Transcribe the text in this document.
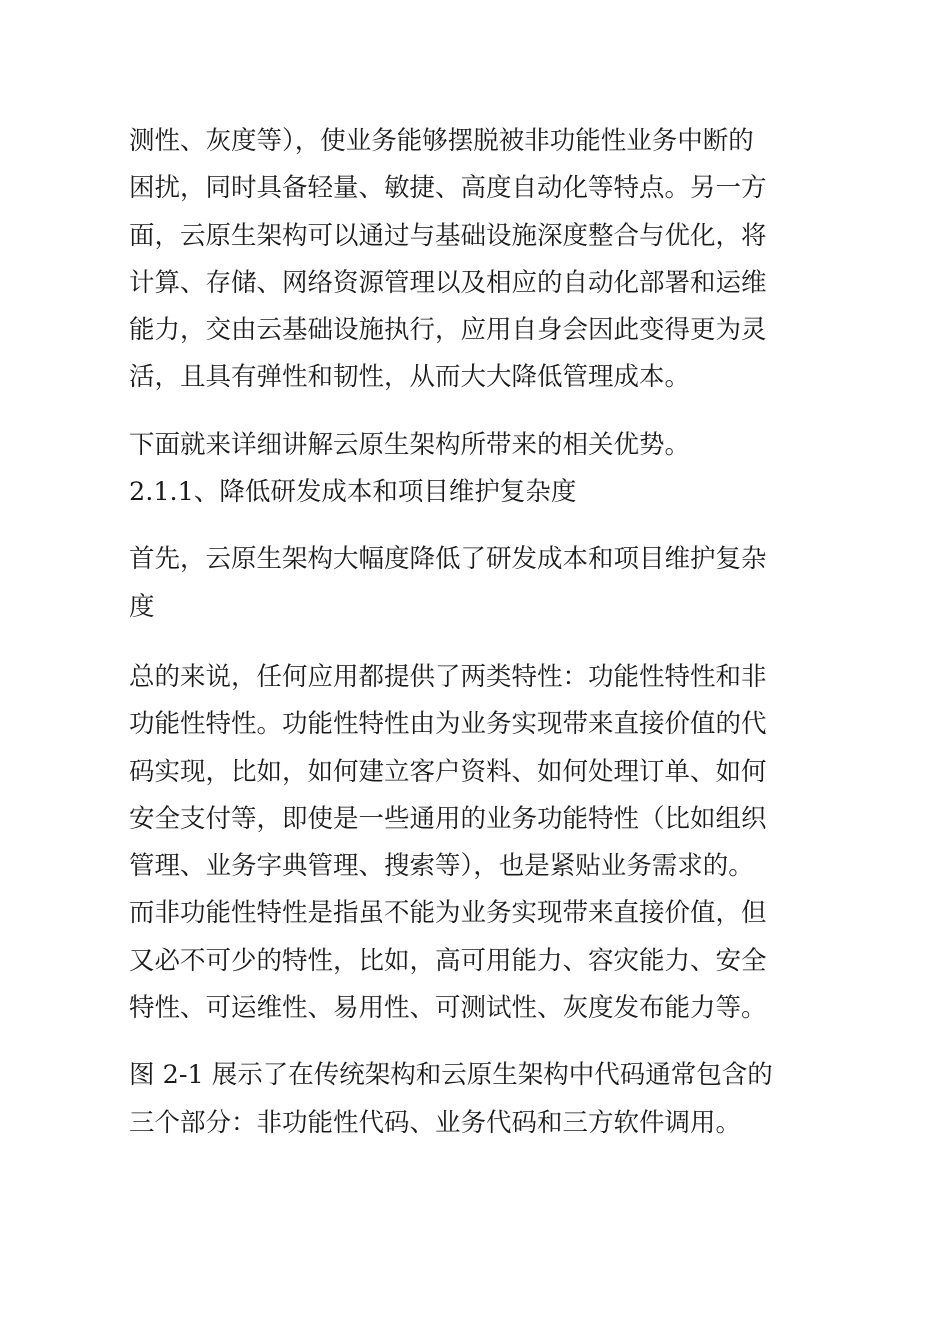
测性、灰度等），使业务能够摆脱被非功能性业务中断的
困扰，同时具备轻量、敏捷、高度自动化等特点。另一方
面，云原生架构可以通过与基础设施深度整合与优化，将
计算、存储、网络资源管理以及相应的自动化部署和运维
能力，交由云基础设施执行，应用自身会因此变得更为灵
活，且具有弹性和韧性，从而大大降低管理成本。

下面就来详细讲解云原生架构所带来的相关优势。

2.1.1、降低研发成本和项目维护复杂度

首先，云原生架构大幅度降低了研发成本和项目维护复杂
度

总的来说，任何应用都提供了两类特性：功能性特性和非
功能性特性。功能性特性由为业务实现带来直接价值的代
码实现，比如，如何建立客户资料、如何处理订单、如何
安全支付等，即使是一些通用的业务功能特性（比如组织
管理、业务字典管理、搜索等），也是紧贴业务需求的。
而非功能性特性是指虽不能为业务实现带来直接价值，但
又必不可少的特性，比如，高可用能力、容灾能力、安全
特性、可运维性、易用性、可测试性、灰度发布能力等。

图 2-1 展示了在传统架构和云原生架构中代码通常包含的
三个部分：非功能性代码、业务代码和三方软件调用。
